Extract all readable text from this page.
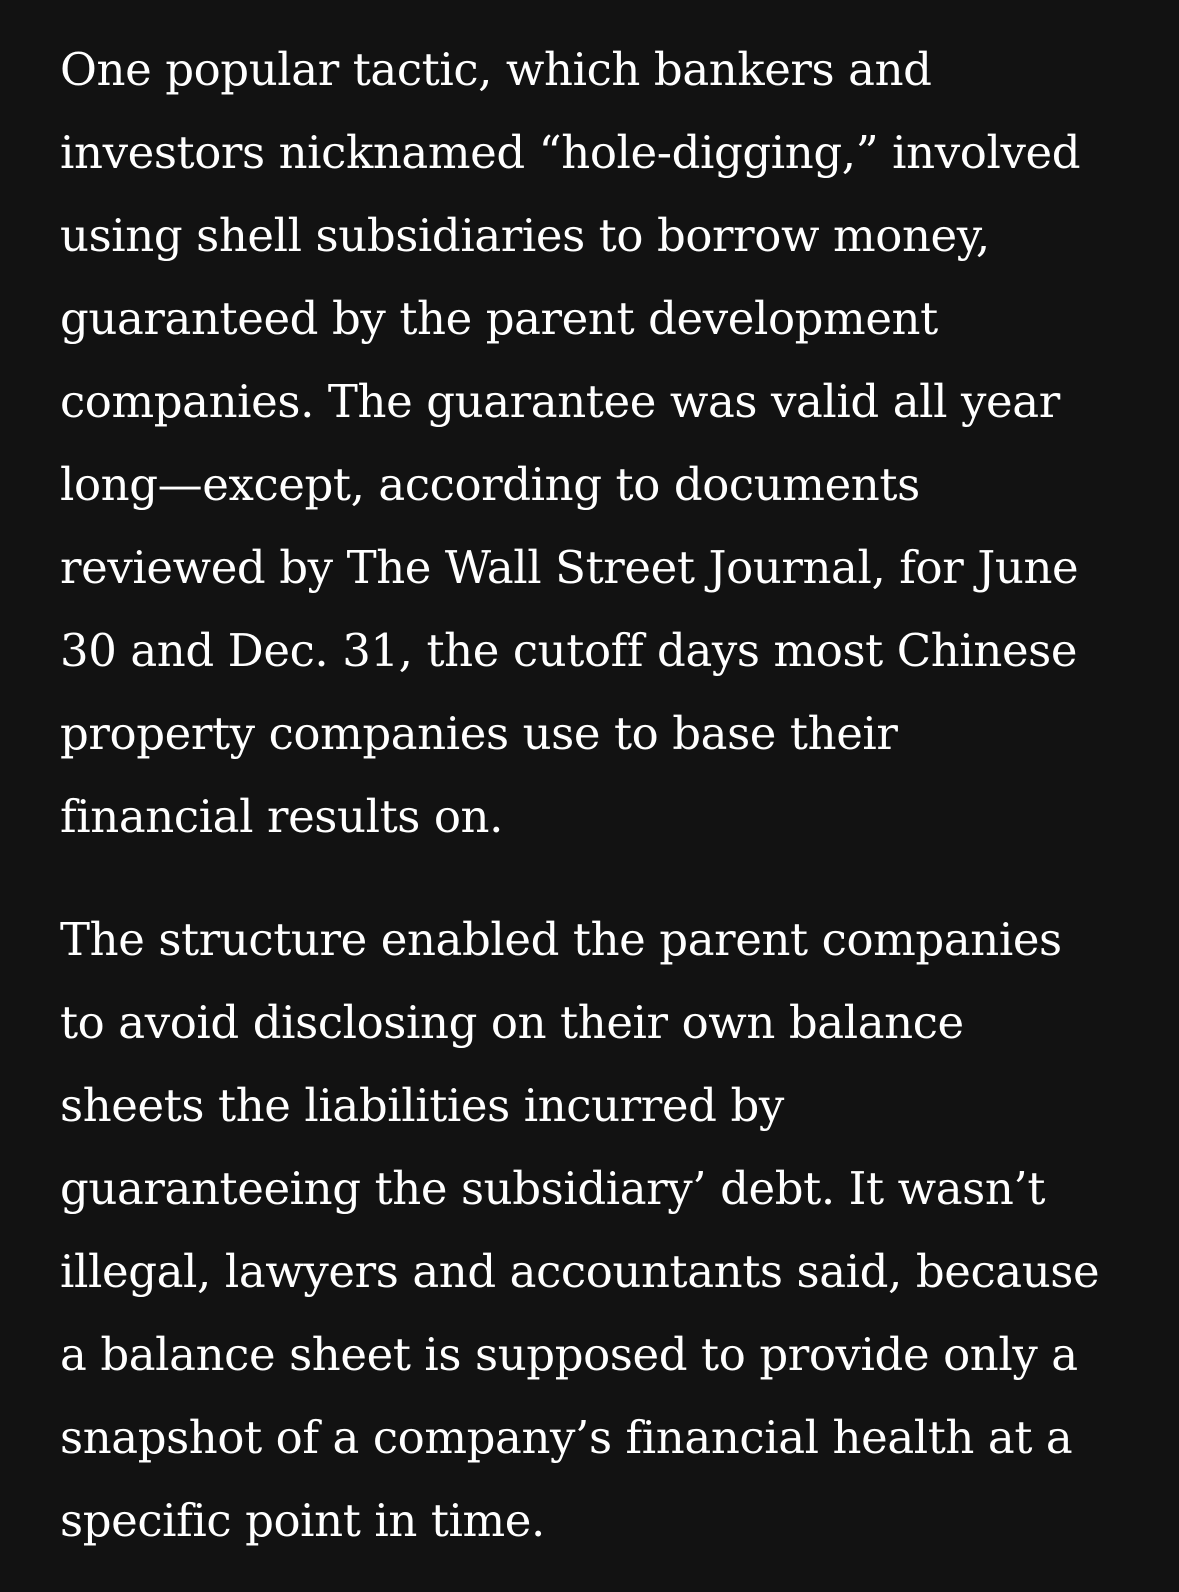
One popular tactic, which bankers and
investors nicknamed “hole-digging,” involved
using shell subsidiaries to borrow money,
guaranteed by the parent development
companies. The guarantee was valid all year
long—except, according to documents
reviewed by The Wall Street Journal, for June
30 and Dec. 31, the cutoff days most Chinese
property companies use to base their
financial results on.

The structure enabled the parent companies
to avoid disclosing on their own balance
sheets the liabilities incurred by
guaranteeing the subsidiary’ debt. It wasn’t
illegal, lawyers and accountants said, because
a balance sheet is supposed to provide only a
snapshot of a company’s financial health at a
specific point in time.
